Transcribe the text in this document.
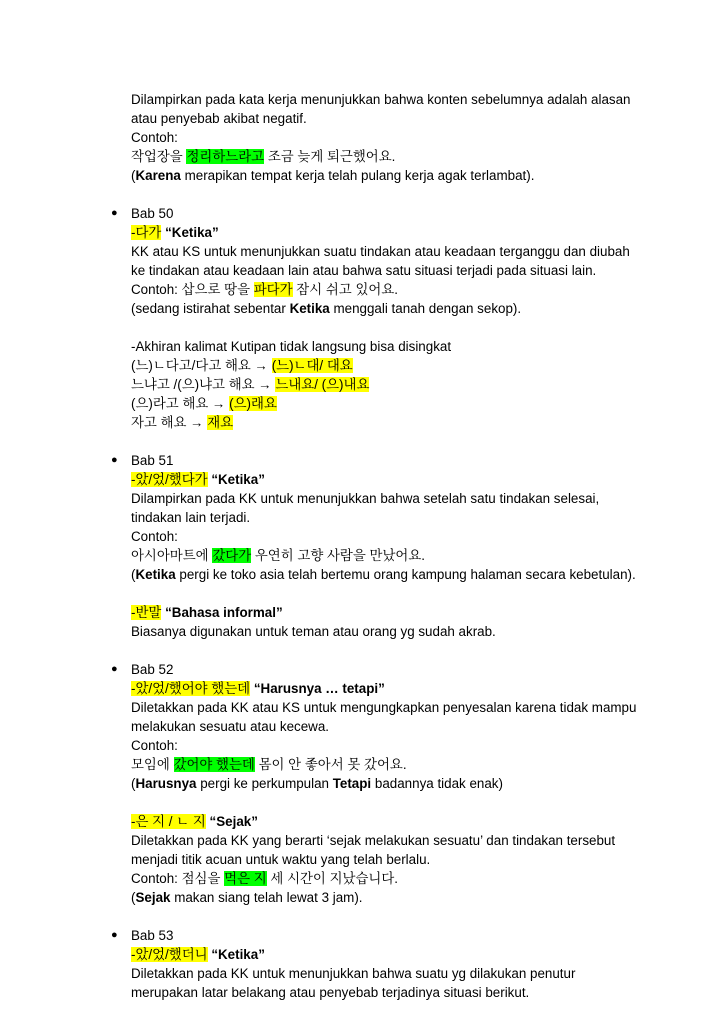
Dilampirkan pada kata kerja menunjukkan bahwa konten sebelumnya adalah alasan
atau penyebab akibat negatif.
Contoh:
작업장을 정리하느라고 조금 늦게 퇴근했어요.
(Karena merapikan tempat kerja telah pulang kerja agak terlambat).
● Bab 50
-다가 “Ketika”
KK atau KS untuk menunjukkan suatu tindakan atau keadaan terganggu dan diubah
ke tindakan atau keadaan lain atau bahwa satu situasi terjadi pada situasi lain.
Contoh: 삽으로 땅을 파다가 잠시 쉬고 있어요.
(sedang istirahat sebentar Ketika menggali tanah dengan sekop).
-Akhiran kalimat Kutipan tidak langsung bisa disingkat
(느)ㄴ다고/다고 해요 → (느)ㄴ대/ 대요
느냐고 /(으)냐고 해요 → 느내요/ (으)내요
(으)라고 해요 → (으)래요
자고 해요 → 재요
● Bab 51
-았/었/했다가 “Ketika”
Dilampirkan pada KK untuk menunjukkan bahwa setelah satu tindakan selesai,
tindakan lain terjadi.
Contoh:
아시아마트에 갔다가 우연히 고향 사람을 만났어요.
(Ketika pergi ke toko asia telah bertemu orang kampung halaman secara kebetulan).
-반말 “Bahasa informal”
Biasanya digunakan untuk teman atau orang yg sudah akrab.
● Bab 52
-았/었/했어야 했는데 “Harusnya … tetapi”
Diletakkan pada KK atau KS untuk mengungkapkan penyesalan karena tidak mampu
melakukan sesuatu atau kecewa.
Contoh:
모임에 갔어야 했는데 몸이 안 좋아서 못 갔어요.
(Harusnya pergi ke perkumpulan Tetapi badannya tidak enak)
-은 지 / ㄴ 지 “Sejak”
Diletakkan pada KK yang berarti ‘sejak melakukan sesuatu’ dan tindakan tersebut
menjadi titik acuan untuk waktu yang telah berlalu.
Contoh: 점심을 먹은 지 세 시간이 지났습니다.
(Sejak makan siang telah lewat 3 jam).
● Bab 53
-았/었/했더니 “Ketika”
Diletakkan pada KK untuk menunjukkan bahwa suatu yg dilakukan penutur
merupakan latar belakang atau penyebab terjadinya situasi berikut.
